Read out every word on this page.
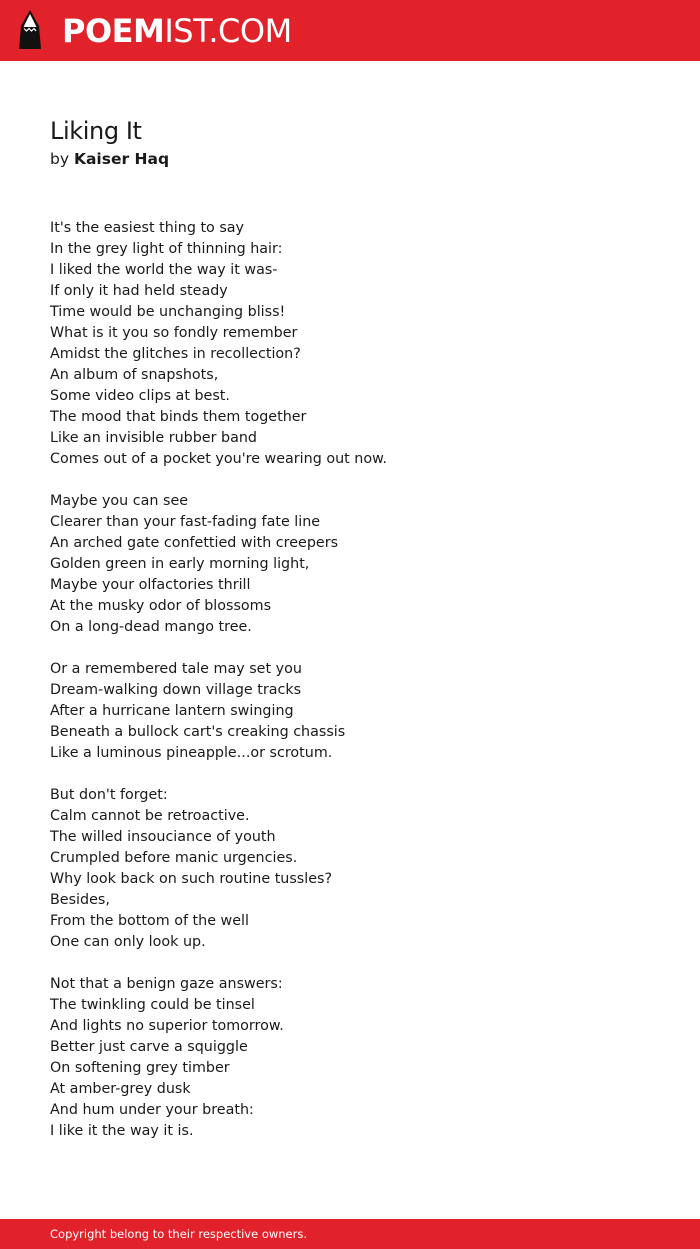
POEMIST.COM
Liking It
by Kaiser Haq
It's the easiest thing to say
In the grey light of thinning hair:
I liked the world the way it was-
If only it had held steady
Time would be unchanging bliss!
What is it you so fondly remember
Amidst the glitches in recollection?
An album of snapshots,
Some video clips at best.
The mood that binds them together
Like an invisible rubber band
Comes out of a pocket you're wearing out now.
Maybe you can see
Clearer than your fast-fading fate line
An arched gate confettied with creepers
Golden green in early morning light,
Maybe your olfactories thrill
At the musky odor of blossoms
On a long-dead mango tree.
Or a remembered tale may set you
Dream-walking down village tracks
After a hurricane lantern swinging
Beneath a bullock cart's creaking chassis
Like a luminous pineapple...or scrotum.
But don't forget:
Calm cannot be retroactive.
The willed insouciance of youth
Crumpled before manic urgencies.
Why look back on such routine tussles?
Besides,
From the bottom of the well
One can only look up.
Not that a benign gaze answers:
The twinkling could be tinsel
And lights no superior tomorrow.
Better just carve a squiggle
On softening grey timber
At amber-grey dusk
And hum under your breath:
I like it the way it is.
Copyright belong to their respective owners.
